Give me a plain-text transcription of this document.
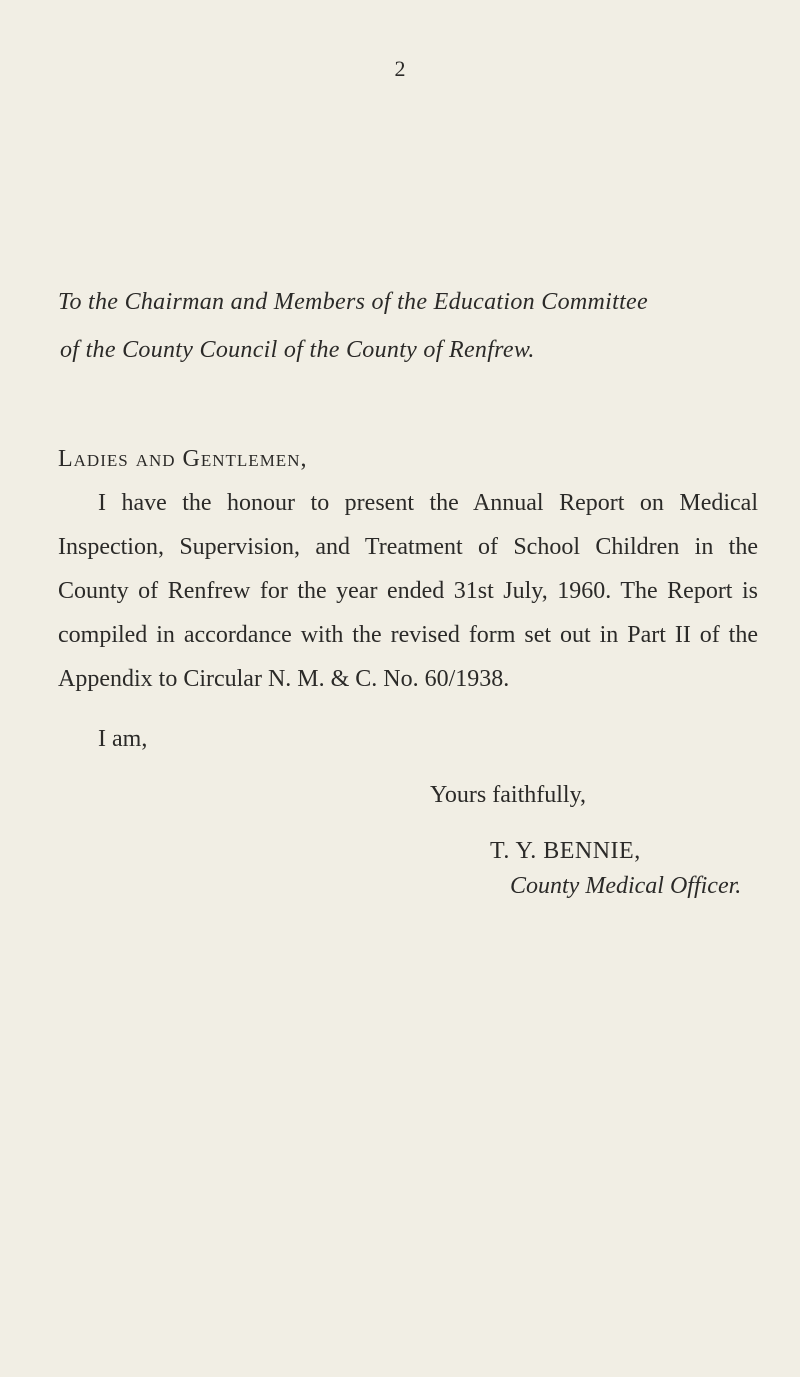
2
To the Chairman and Members of the Education Committee
of the County Council of the County of Renfrew.
Ladies and Gentlemen,

I have the honour to present the Annual Report on Medical Inspection, Supervision, and Treatment of School Children in the County of Renfrew for the year ended 31st July, 1960. The Report is compiled in accordance with the revised form set out in Part II of the Appendix to Circular N. M. & C. No. 60/1938.

I am,
Yours faithfully,
T. Y. BENNIE,
County Medical Officer.
